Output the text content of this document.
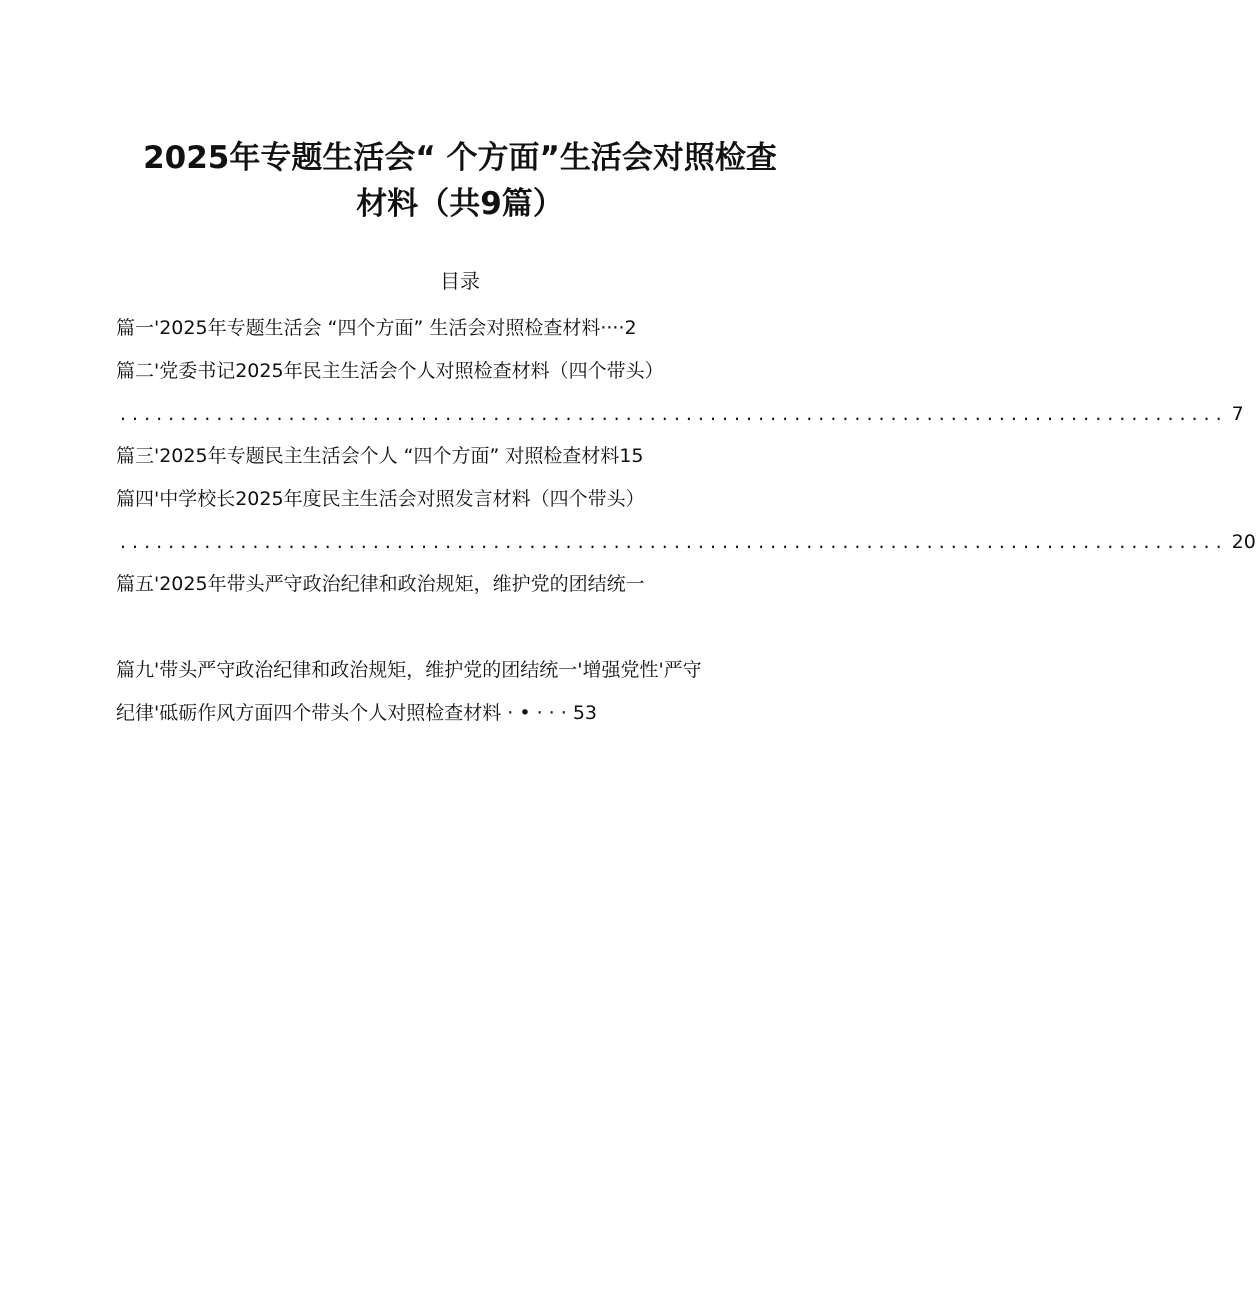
2025年专题生活会“ 个方面”生活会对照检查
材料（共9篇）
目录
篇一'2025年专题生活会 “四个方面” 生活会对照检查材料····2
篇二'党委书记2025年民主生活会个人对照检查材料（四个带头）
............................................................................................ 7
篇三'2025年专题民主生活会个人 “四个方面” 对照检查材料15
篇四'中学校长2025年度民主生活会对照发言材料（四个带头）
............................................................................................ 20
篇五'2025年带头严守政治纪律和政治规矩，维护党的团结统一
篇九'带头严守政治纪律和政治规矩，维护党的团结统一'增强党性'严守
纪律'砥砺作风方面四个带头个人对照检查材料 · • · · · 53
